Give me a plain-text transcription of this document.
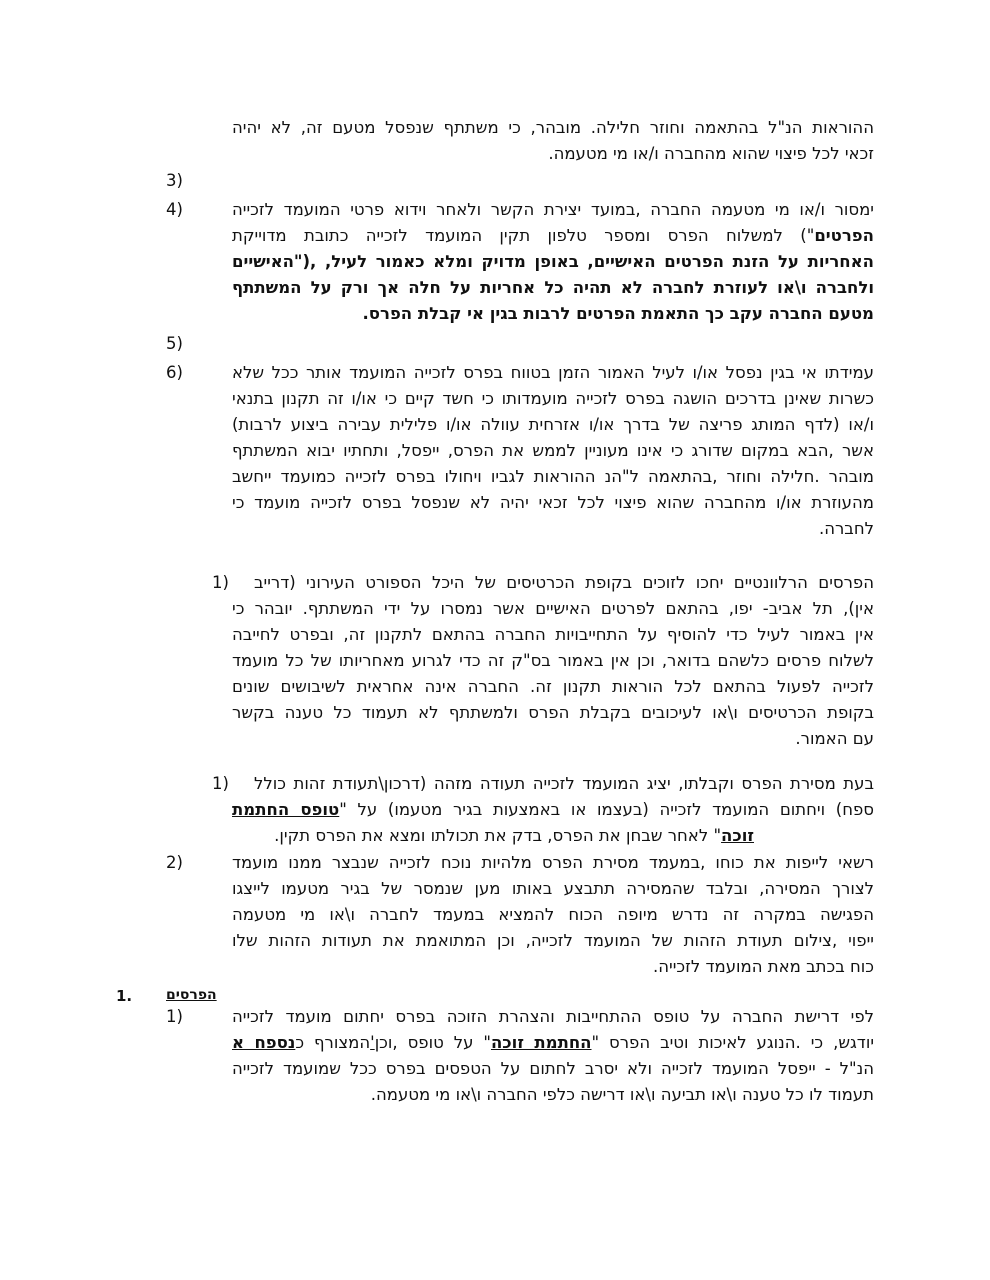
ההוראות הנ"ל בהתאמה וחוזר חלילה. מובהר, כי משתתף שנפסל מטעם זה, לא יהיה
זכאי לכל פיצוי שהוא מהחברה ו/או מי מטעמה.

3)
4)	ימסור ו/או מי מטעמה החברה ,במועד יצירת הקשר ולאחר וידוא פרטי המועמד לזכייה
הפרטים") למשלוח הפרס ומספר טלפון תקין המועמד לזכייה כתובת מדוייקת
האחריות על הזנת הפרטים האישיים, באופן מדויק ומלא כאמור לעיל, ,("האישיים
ולחברה ו\או לעוזרת לחברה לא תהיה כל אחריות על חלה אך ורק על המשתתף
מטעם החברה עקב כך התאמת הפרטים לרבות בגין אי קבלת הפרס.

5)
6)	עמידתו אי בגין נפסל או/ו לעיל האמור הזמן בטווח בפרס לזכייה המועמד אותר ככל שלא
כשרות שאינן בדרכים הושגה בפרס לזכייה מועמדותו כי חשד קיים כי או/ו זה תקנון בתנאי
ו/או (לדף המותג פריצה של בדרך או/ו אזרחית עוולה או/ו פלילית עבירה ביצוע לרבות)
אשר ,הבא במקום שדורג כי אינו מעוניין לממש את הפרס, ייפסל, ותחתיו יבוא המשתתף
מובהר .חלילה וחוזר ,בהתאמה ל"הנ ההוראות לגביו ויחולו בפרס לזכייה כמועמד ייחשב
מהעוזרת או/ו מהחברה שהוא פיצוי לכל זכאי יהיה לא שנפסל בפרס לזכייה מועמד כי
לחברה.

1)	הפרסים הרלוונטיים יחכו לזוכים בקופת הכרטיסים של היכל הספורט העירוני (דרייב
אין), תל אביב- יפו, בהתאם לפרטים האישיים אשר נמסרו על ידי המשתתף. יובהר כי
אין באמור לעיל כדי להוסיף על התחייבויות החברה בהתאם לתקנון זה, ובפרט לחייבה
לשלוח פרסים כלשהם בדואר, וכן אין באמור בס"ק זה כדי לגרוע מאחריותו של כל מועמד
לזכייה לפעול בהתאם לכל הוראות תקנון זה. החברה אינה אחראית לשיבושים שונים
בקופת הכרטיסים ו\או לעיכובים בקבלת הפרס ולמשתתף לא תעמוד כל טענה בקשר
עם האמור.

1)	בעת מסירת הפרס וקבלתו, יציג המועמד לזכייה תעודה מזהה (דרכון\תעודת זהות כולל
ספח) ויחתום המועמד לזכייה (בעצמו או באמצעות בגיר מטעמו) על "טופס החתמת
זוכה" לאחר שבחן את הפרס, בדק את תכולתו ומצא את הפרס תקין.

2)	רשאי לייפות את כוחו ,במעמד מסירת הפרס מלהיות נוכח לזכייה שנבצר ממנו מועמד
לצורך המסירה, ובלבד שהמסירה תתבצע באותו מען שנמסר של בגיר מטעמו לייצגו
הפגישה במקרה זה נדרש מיופה הכוח להמציא במעמד לחברה ו\או מי מטעמה
ייפוי ,צילום תעודת הזהות של המועמד לזכייה, וכן המתואמת את תעודות הזהות שלו
כוח בכתב מאת המועמד לזכייה.

1. הפרסים
1)	לפי דרישת החברה על טופס ההתחייבות והצהרת הזוכה בפרס יחתום מועמד לזכייה
יודגש, כי .הנוגע לאיכות וטיב הפרס "החתמת זוכה" על טופס ,וכן'המצורף כנספח א
הנ"ל - ייפסל המועמד לזכייה ולא יסרב לחתום על הטפסים בפרס ככל שמועמד לזכייה
תעמוד לו כל טענה ו\או תביעה ו\או דרישה כלפי החברה ו\או מי מטעמה.
